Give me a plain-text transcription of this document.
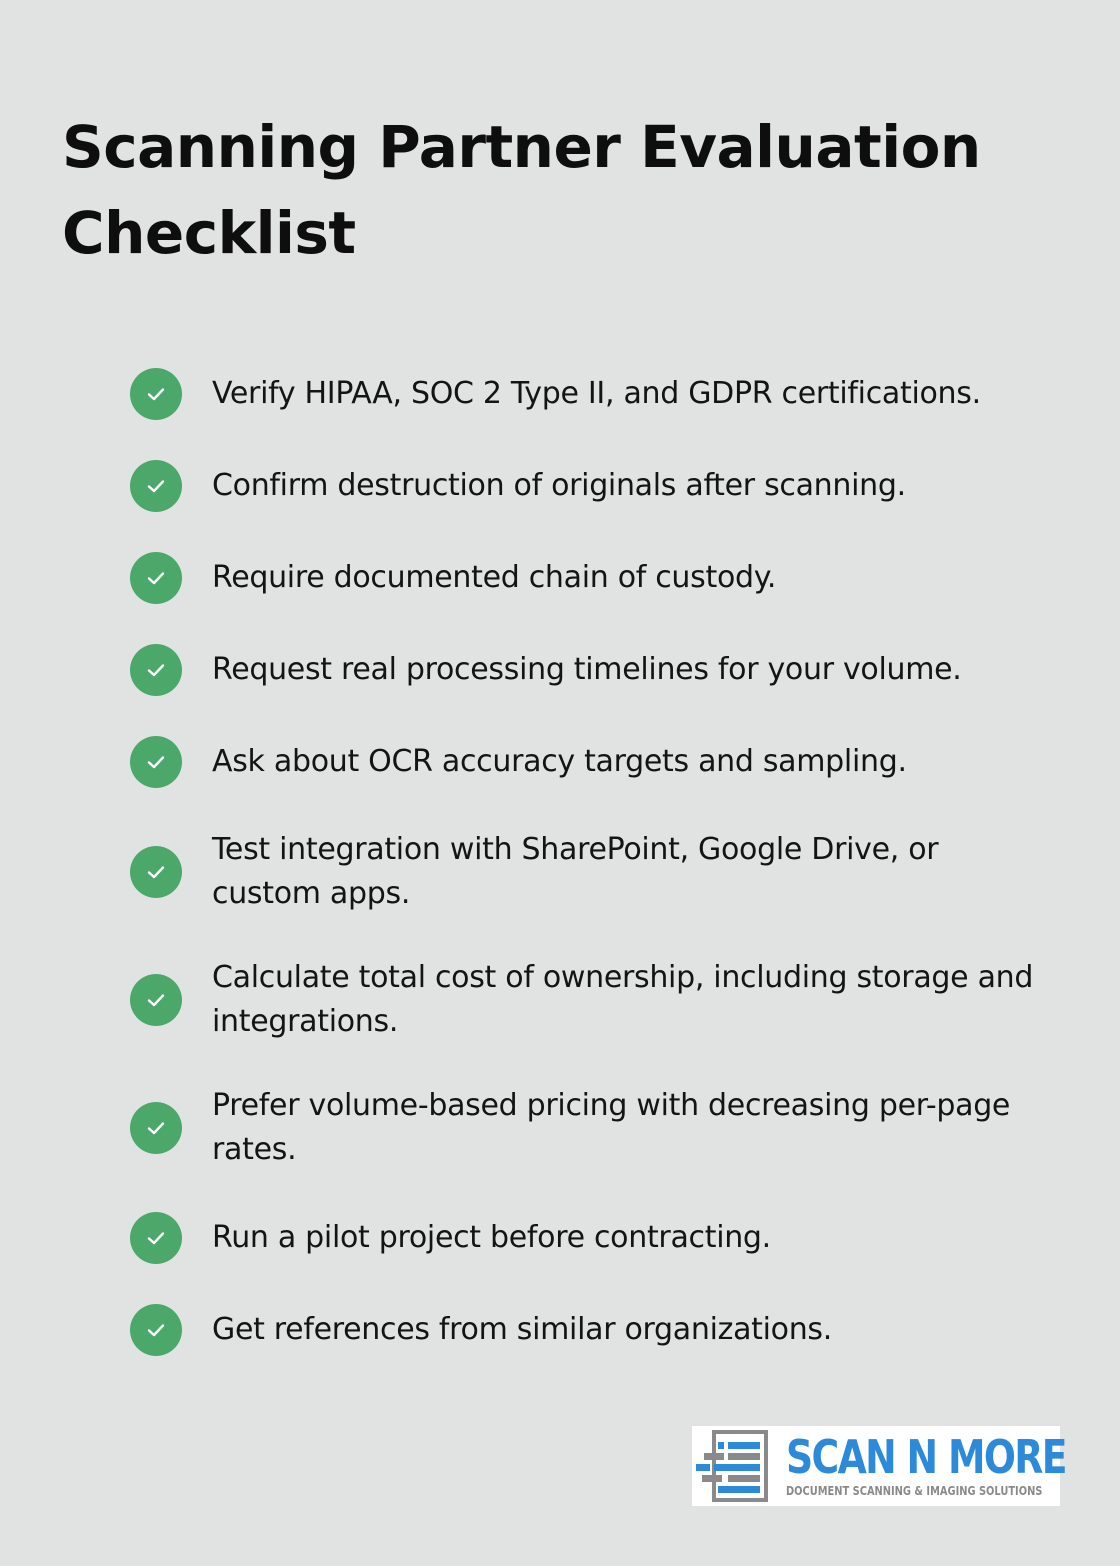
Scanning Partner Evaluation Checklist
Verify HIPAA, SOC 2 Type II, and GDPR certifications.
Confirm destruction of originals after scanning.
Require documented chain of custody.
Request real processing timelines for your volume.
Ask about OCR accuracy targets and sampling.
Test integration with SharePoint, Google Drive, or custom apps.
Calculate total cost of ownership, including storage and integrations.
Prefer volume-based pricing with decreasing per-page rates.
Run a pilot project before contracting.
Get references from similar organizations.
SCAN N MORE
DOCUMENT SCANNING & IMAGING SOLUTIONS
